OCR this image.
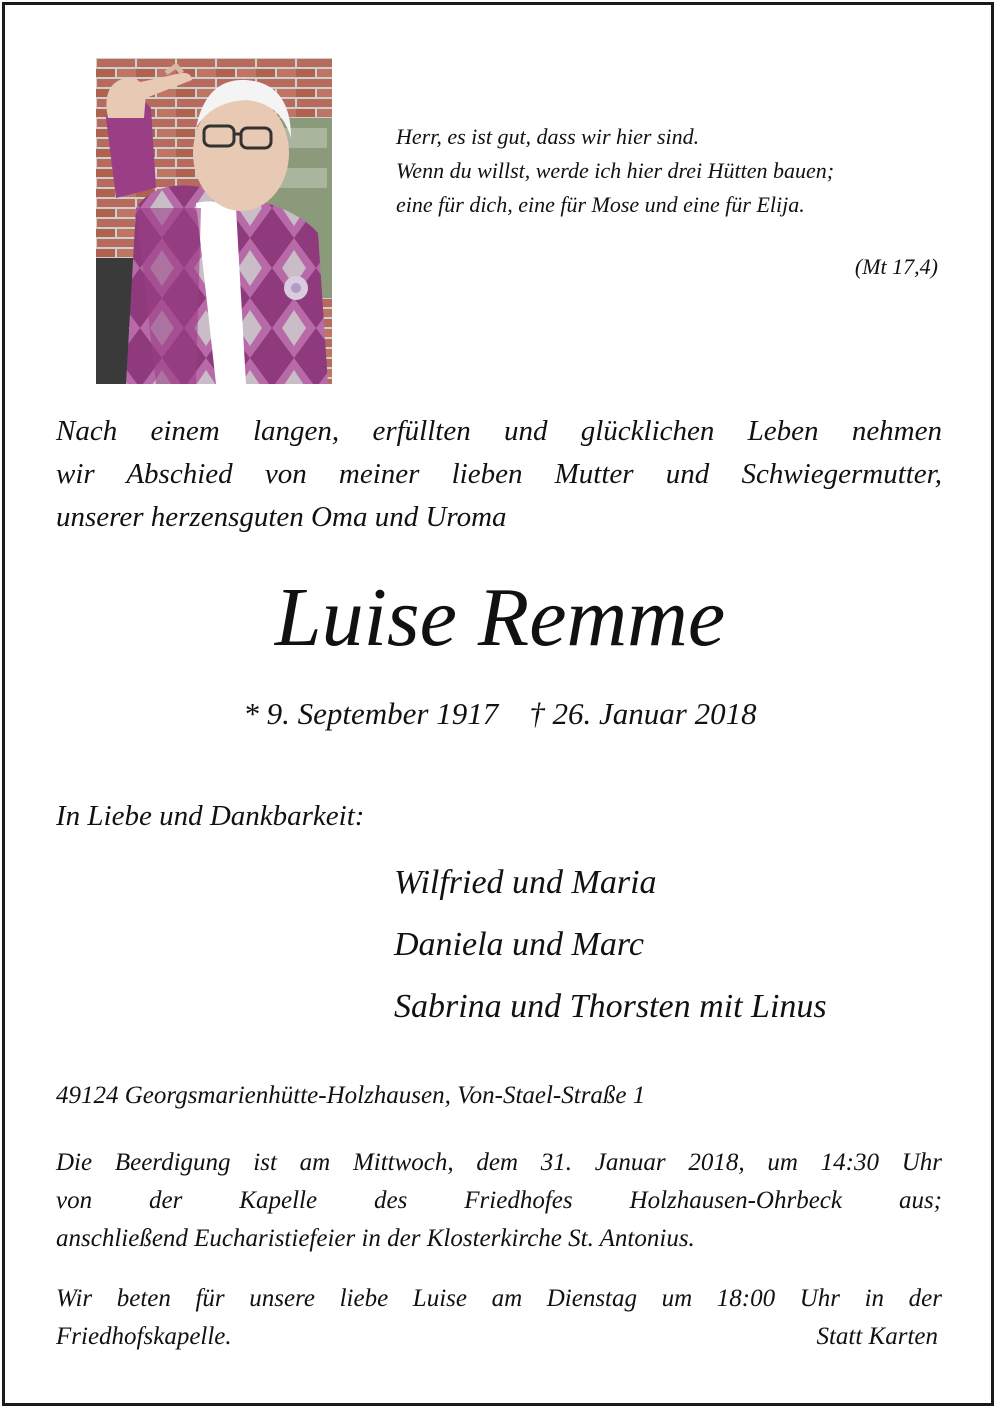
Herr, es ist gut, dass wir hier sind.
Wenn du willst, werde ich hier drei Hütten bauen;
eine für dich, eine für Mose und eine für Elija.
(Mt 17,4)
Nach einem langen, erfüllten und glücklichen Leben nehmen
wir Abschied von meiner lieben Mutter und Schwiegermutter,
unserer herzensguten Oma und Uroma
Luise Remme
* 9. September 1917    † 26. Januar 2018
In Liebe und Dankbarkeit:
Wilfried und Maria
Daniela und Marc
Sabrina und Thorsten mit Linus
49124 Georgsmarienhütte-Holzhausen, Von-Stael-Straße 1
Die Beerdigung ist am Mittwoch, dem 31. Januar 2018, um 14:30 Uhr
von der Kapelle des Friedhofes Holzhausen-Ohrbeck aus;
anschließend Eucharistiefeier in der Klosterkirche St. Antonius.
Wir beten für unsere liebe Luise am Dienstag um 18:00 Uhr in der
Friedhofskapelle.	Statt Karten
